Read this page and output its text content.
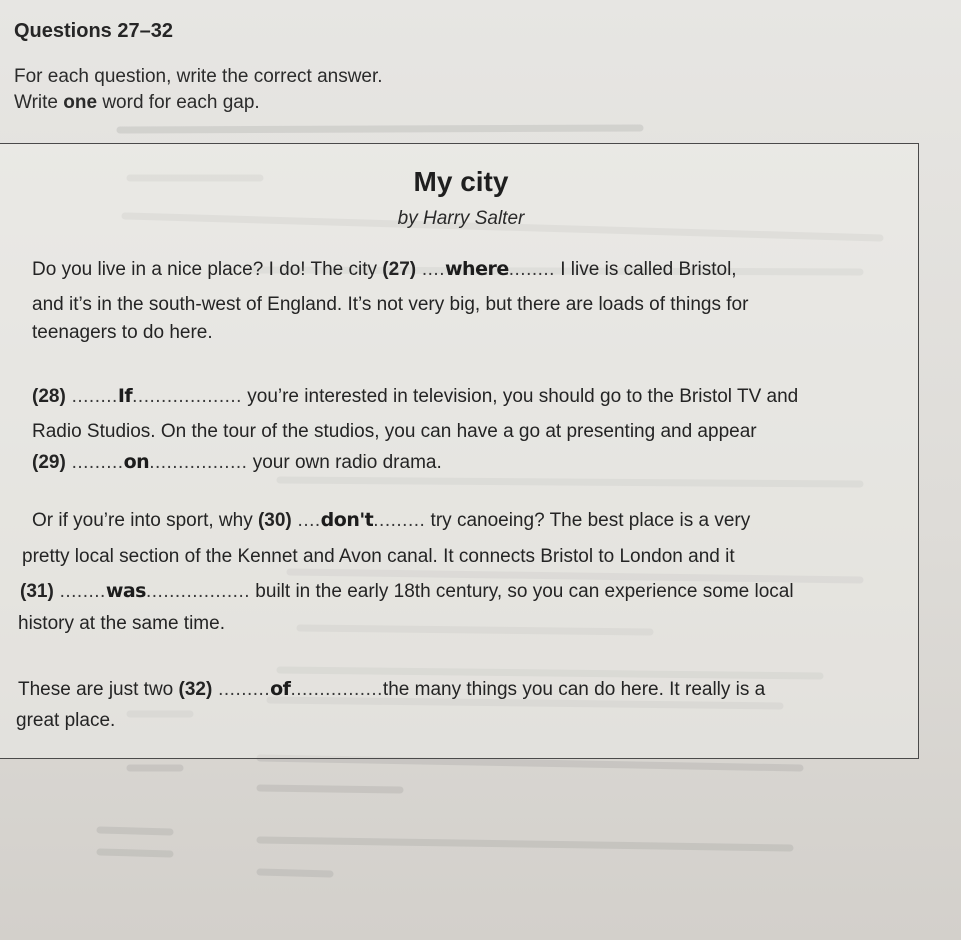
Questions 27–32
For each question, write the correct answer.
Write one word for each gap.
My city
by Harry Salter
Do you live in a nice place? I do! The city (27) ....where........ I live is called Bristol,
and it’s in the south-west of England. It’s not very big, but there are loads of things for
teenagers to do here.
(28) ........If................... you’re interested in television, you should go to the Bristol TV and
Radio Studios. On the tour of the studios, you can have a go at presenting and appear
(29) .........on................. your own radio drama.
Or if you’re into sport, why (30) ....don't......... try canoeing? The best place is a very
pretty local section of the Kennet and Avon canal. It connects Bristol to London and it
(31) ........was.................. built in the early 18th century, so you can experience some local
history at the same time.
These are just two (32) .........of................the many things you can do here. It really is a
great place.
